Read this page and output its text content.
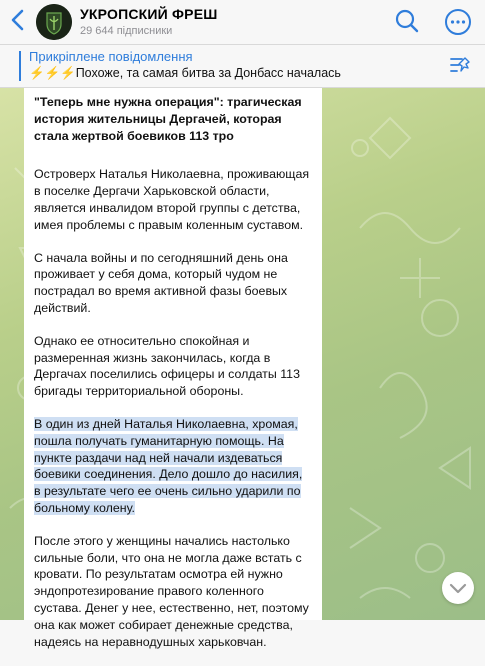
УКРОПСКИЙ ФРЕШ
29 644 підписники
Прикріплене повідомлення
⚡⚡⚡Похоже, та самая битва за Донбасс началась

"Теперь мне нужна операция": трагическая история жительницы Дергачей, которая стала жертвой боевиков 113 тро

Островерх Наталья Николаевна, проживающая в поселке Дергачи Харьковской области, является инвалидом второй группы с детства, имея проблемы с правым коленным суставом.

С начала войны и по сегодняшний день она проживает у себя дома, который чудом не пострадал во время активной фазы боевых действий.

Однако ее относительно спокойная и размеренная жизнь закончилась, когда в Дергачах поселились офицеры и солдаты 113 бригады территориальной обороны.

В один из дней Наталья Николаевна, хромая, пошла получать гуманитарную помощь. На пункте раздачи над ней начали издеваться боевики соединения. Дело дошло до насилия, в результате чего ее очень сильно ударили по больному колену.

После этого у женщины начались настолько сильные боли, что она не могла даже встать с кровати. По результатам осмотра ей нужно эндопротезирование правого коленного сустава. Денег у нее, естественно, нет, поэтому она как может собирает денежные средства, надеясь на неравнодушных харьковчан.
